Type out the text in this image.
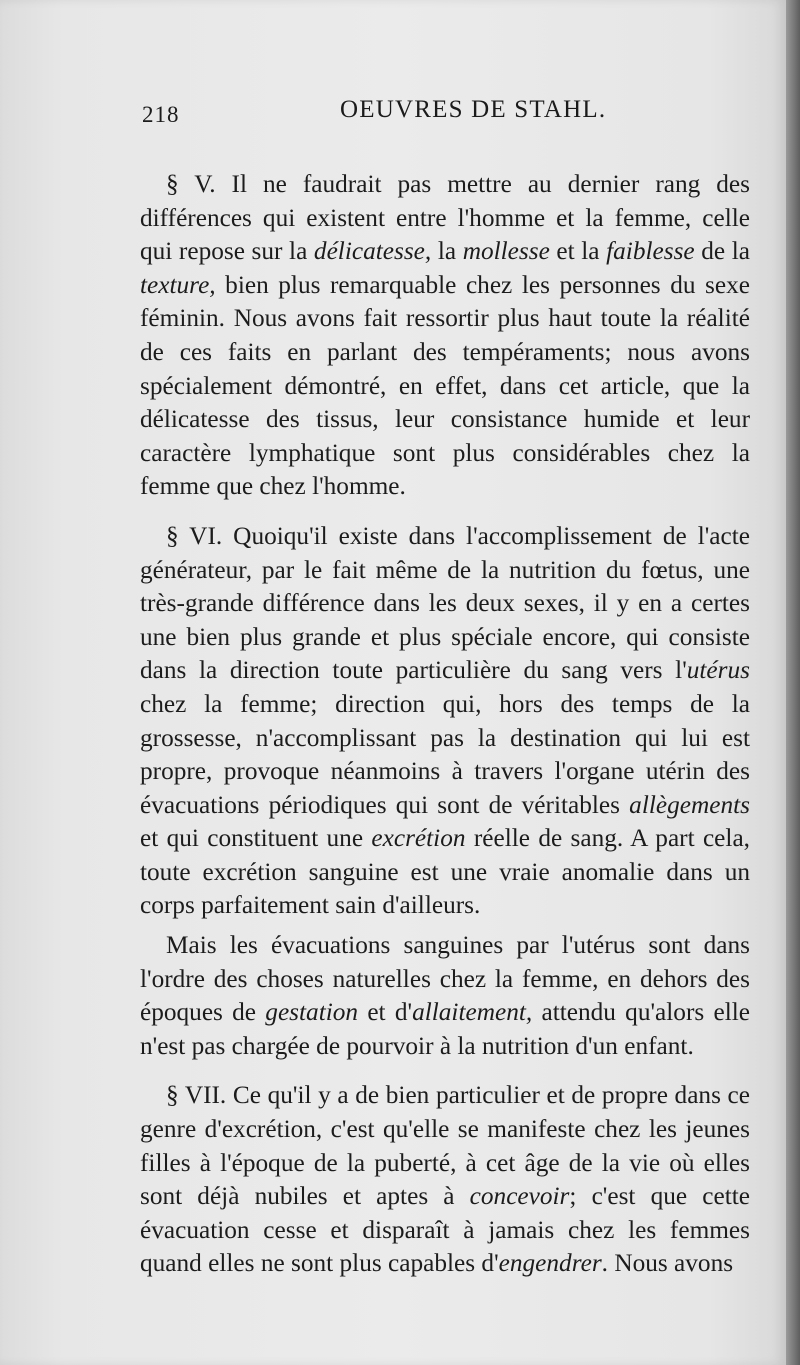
218	OEUVRES DE STAHL.

§ V. Il ne faudrait pas mettre au dernier rang des différences qui existent entre l'homme et la femme, celle qui repose sur la délicatesse, la mollesse et la faiblesse de la texture, bien plus remarquable chez les personnes du sexe féminin. Nous avons fait ressortir plus haut toute la réalité de ces faits en parlant des tempéraments; nous avons spécialement démontré, en effet, dans cet article, que la délicatesse des tissus, leur consistance humide et leur caractère lymphatique sont plus considérables chez la femme que chez l'homme.

§ VI. Quoiqu'il existe dans l'accomplissement de l'acte générateur, par le fait même de la nutrition du fœtus, une très-grande différence dans les deux sexes, il y en a certes une bien plus grande et plus spéciale encore, qui consiste dans la direction toute particulière du sang vers l'utérus chez la femme; direction qui, hors des temps de la grossesse, n'accomplissant pas la destination qui lui est propre, provoque néanmoins à travers l'organe utérin des évacuations périodiques qui sont de véritables allègements et qui constituent une excrétion réelle de sang. A part cela, toute excrétion sanguine est une vraie anomalie dans un corps parfaitement sain d'ailleurs.

Mais les évacuations sanguines par l'utérus sont dans l'ordre des choses naturelles chez la femme, en dehors des époques de gestation et d'allaitement, attendu qu'alors elle n'est pas chargée de pourvoir à la nutrition d'un enfant.

§ VII. Ce qu'il y a de bien particulier et de propre dans ce genre d'excrétion, c'est qu'elle se manifeste chez les jeunes filles à l'époque de la puberté, à cet âge de la vie où elles sont déjà nubiles et aptes à concevoir; c'est que cette évacuation cesse et disparaît à jamais chez les femmes quand elles ne sont plus capables d'engendrer. Nous avons
